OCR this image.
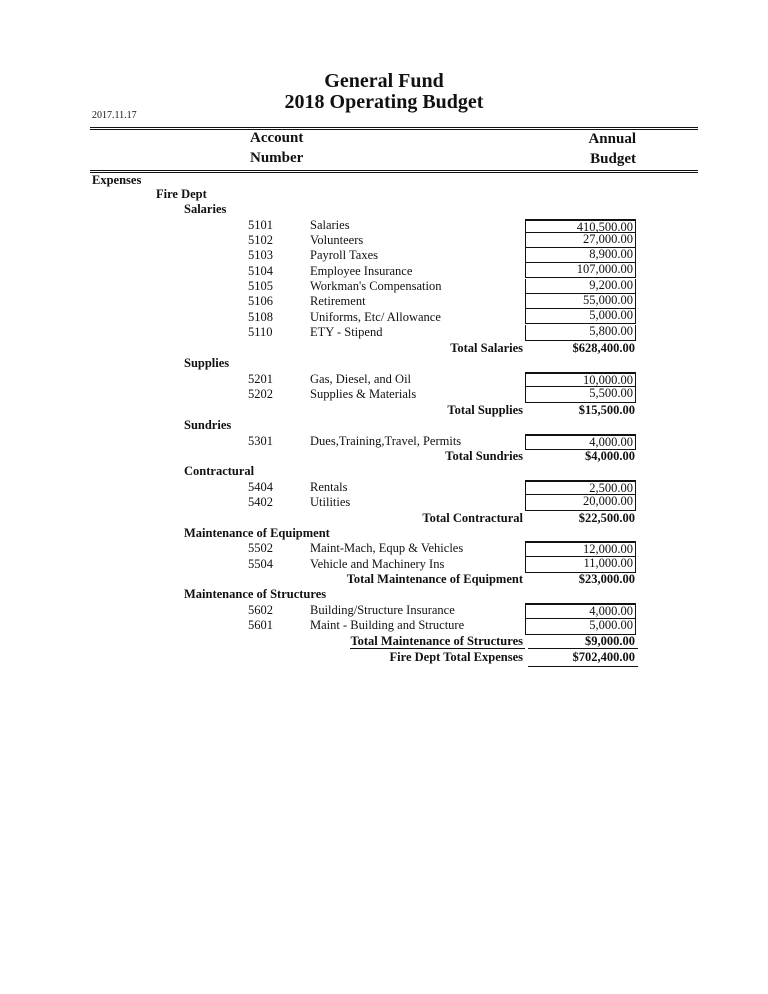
General Fund
2018 Operating Budget
2017.11.17
Account
Number
Annual
Budget
Expenses
Fire Dept
Salaries
5101	Salaries	410,500.00
5102	Volunteers	27,000.00
5103	Payroll Taxes	8,900.00
5104	Employee Insurance	107,000.00
5105	Workman's Compensation	9,200.00
5106	Retirement	55,000.00
5108	Uniforms, Etc/ Allowance	5,000.00
5110	ETY - Stipend	5,800.00
Total Salaries	$628,400.00
Supplies
5201	Gas, Diesel, and Oil	10,000.00
5202	Supplies & Materials	5,500.00
Total Supplies	$15,500.00
Sundries
5301	Dues,Training,Travel, Permits	4,000.00
Total Sundries	$4,000.00
Contractural
5404	Rentals	2,500.00
5402	Utilities	20,000.00
Total Contractural	$22,500.00
Maintenance of Equipment
5502	Maint-Mach, Equp & Vehicles	12,000.00
5504	Vehicle and Machinery Ins	11,000.00
Total Maintenance of Equipment	$23,000.00
Maintenance of Structures
5602	Building/Structure Insurance	4,000.00
5601	Maint - Building and Structure	5,000.00
Total Maintenance of Structures	$9,000.00
Fire Dept Total Expenses	$702,400.00
